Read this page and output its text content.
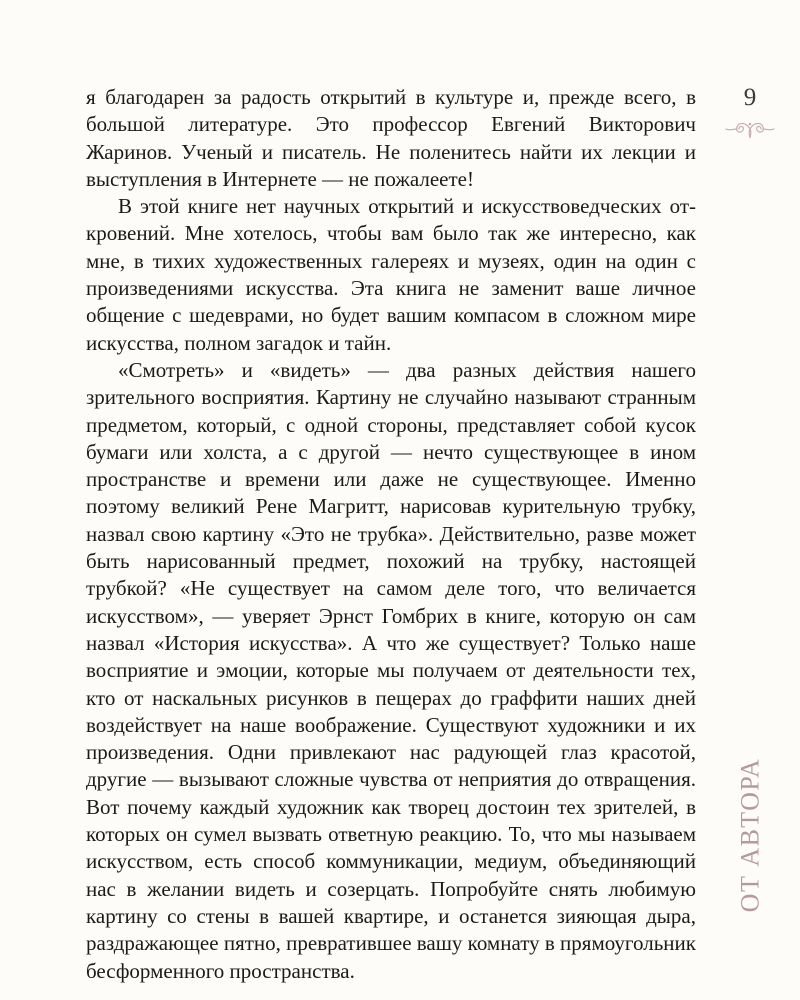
я благодарен за радость открытий в культуре и, прежде всего, в большой литературе. Это профессор Евгений Викторович Жаринов. Ученый и писатель. Не поленитесь найти их лекции и выступления в Интернете — не пожалеете!

В этой книге нет научных открытий и искусствоведческих откровений. Мне хотелось, чтобы вам было так же интересно, как мне, в тихих художественных галереях и музеях, один на один с произведениями искусства. Эта книга не заменит ваше личное общение с шедеврами, но будет вашим компасом в сложном мире искусства, полном загадок и тайн.

«Смотреть» и «видеть» — два разных действия нашего зрительного восприятия. Картину не случайно называют странным предметом, который, с одной стороны, представляет собой кусок бумаги или холста, а с другой — нечто существующее в ином пространстве и времени или даже не существующее. Именно поэтому великий Рене Магритт, нарисовав курительную трубку, назвал свою картину «Это не трубка». Действительно, разве может быть нарисованный предмет, похожий на трубку, настоящей трубкой? «Не существует на самом деле того, что величается искусством», — уверяет Эрнст Гомбрих в книге, которую он сам назвал «История искусства». А что же существует? Только наше восприятие и эмоции, которые мы получаем от деятельности тех, кто от наскальных рисунков в пещерах до граффити наших дней воздействует на наше воображение. Существуют художники и их произведения. Одни привлекают нас радующей глаз красотой, другие — вызывают сложные чувства от неприятия до отвращения. Вот почему каждый художник как творец достоин тех зрителей, в которых он сумел вызвать ответную реакцию. То, что мы называем искусством, есть способ коммуникации, медиум, объединяющий нас в желании видеть и созерцать. Попробуйте снять любимую картину со стены в вашей квартире, и останется зияющая дыра, раздражающее пятно, превратившее вашу комнату в прямоугольник бесформенного пространства.

9
ОТ АВТОРА
